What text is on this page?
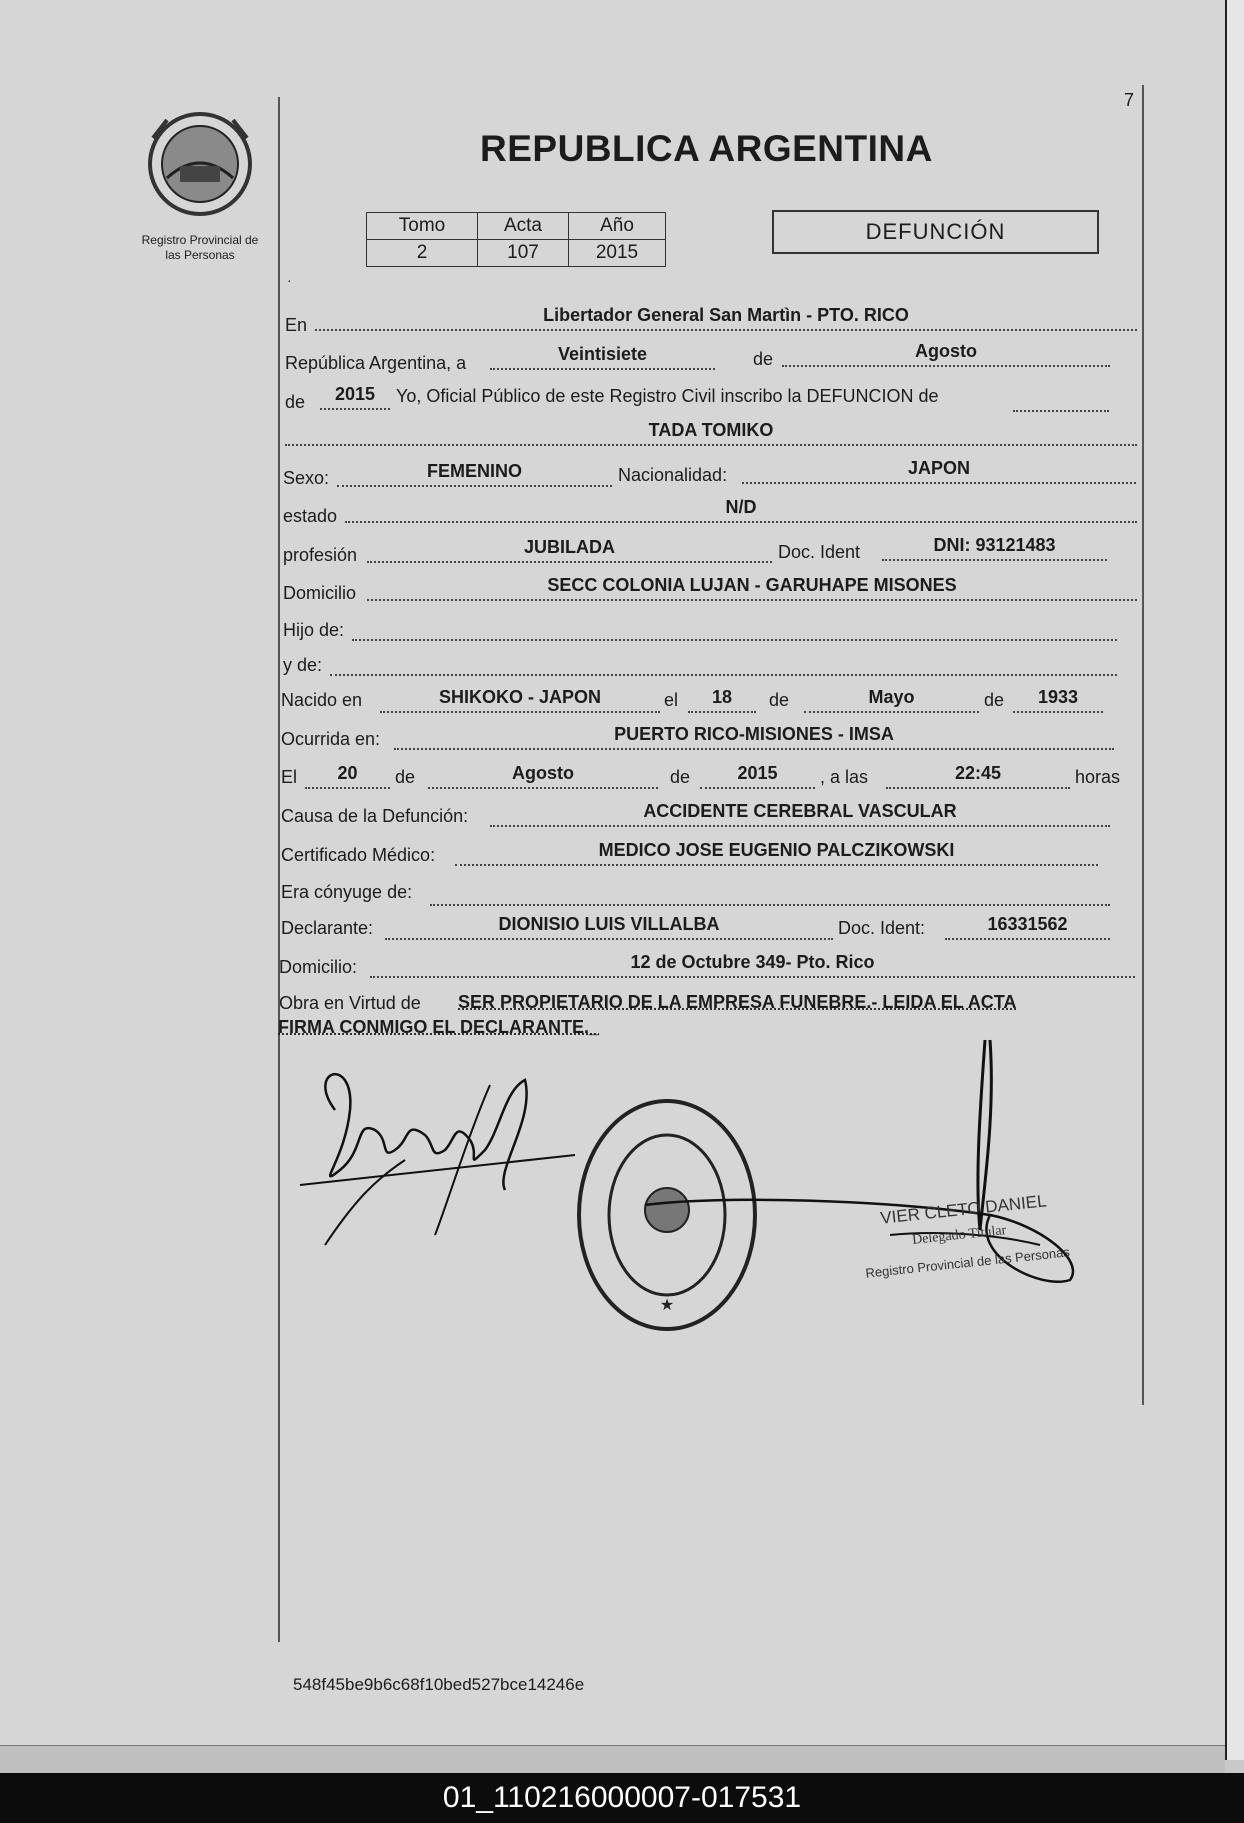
7
Registro Provincial de
las Personas
REPUBLICA ARGENTINA
Tomo	Acta	Año
2	107	2015
DEFUNCIÓN
·
En	Libertador General San Martìn - PTO. RICO
República Argentina, a	Veintisiete	de	Agosto
de	2015	Yo, Oficial Público de este Registro Civil inscribo la DEFUNCION de
TADA TOMIKO
Sexo:	FEMENINO	Nacionalidad:	JAPON
estado	N/D
profesión	JUBILADA	Doc. Ident	DNI: 93121483
Domicilio	SECC COLONIA LUJAN - GARUHAPE MISONES
Hijo de:
y de:
Nacido en	SHIKOKO - JAPON	el	18	de	Mayo	de	1933
Ocurrida en:	PUERTO RICO-MISIONES - IMSA
El	20	de	Agosto	de	2015	, a las	22:45	horas
Causa de la Defunción:	ACCIDENTE CEREBRAL VASCULAR
Certificado Médico:	MEDICO JOSE EUGENIO PALCZIKOWSKI
Era cónyuge de:
Declarante:	DIONISIO LUIS VILLALBA	Doc. Ident:	16331562
Domicilio:	12 de Octubre 349- Pto. Rico
Obra en Virtud de SER PROPIETARIO DE LA EMPRESA FUNEBRE.- LEIDA EL ACTA
FIRMA CONMIGO EL DECLARANTE._
★
VIER CLETO DANIEL
Delegado Titular
Registro Provincial de las Personas
548f45be9b6c68f10bed527bce14246e
01_110216000007-017531
